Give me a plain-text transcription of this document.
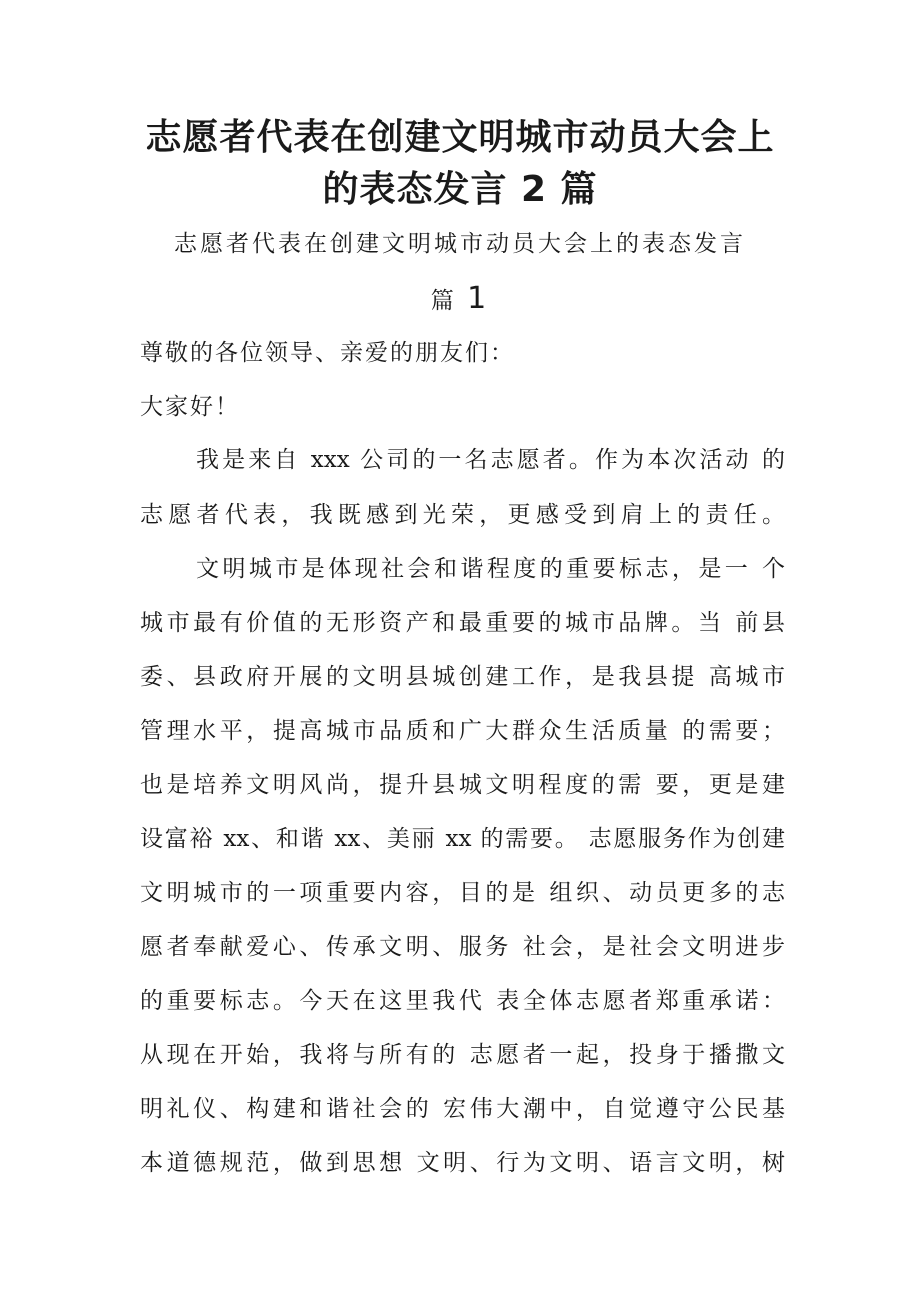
志愿者代表在创建文明城市动员大会上
的表态发言 2 篇

志愿者代表在创建文明城市动员大会上的表态发言

篇 1

尊敬的各位领导、亲爱的朋友们：

大家好！

我是来自 xxx 公司的一名志愿者。作为本次活动 的

志愿者代表，我既感到光荣，更感受到肩上的责任。

文明城市是体现社会和谐程度的重要标志，是一 个

城市最有价值的无形资产和最重要的城市品牌。当 前县

委、县政府开展的文明县城创建工作，是我县提 高城市

管理水平，提高城市品质和广大群众生活质量 的需要；

也是培养文明风尚，提升县城文明程度的需 要，更是建

设富裕 xx、和谐 xx、美丽 xx 的需要。 志愿服务作为创建

文明城市的一项重要内容，目的是 组织、动员更多的志

愿者奉献爱心、传承文明、服务 社会，是社会文明进步

的重要标志。今天在这里我代 表全体志愿者郑重承诺：

从现在开始，我将与所有的 志愿者一起，投身于播撒文

明礼仪、构建和谐社会的 宏伟大潮中，自觉遵守公民基

本道德规范，做到思想 文明、行为文明、语言文明，树
